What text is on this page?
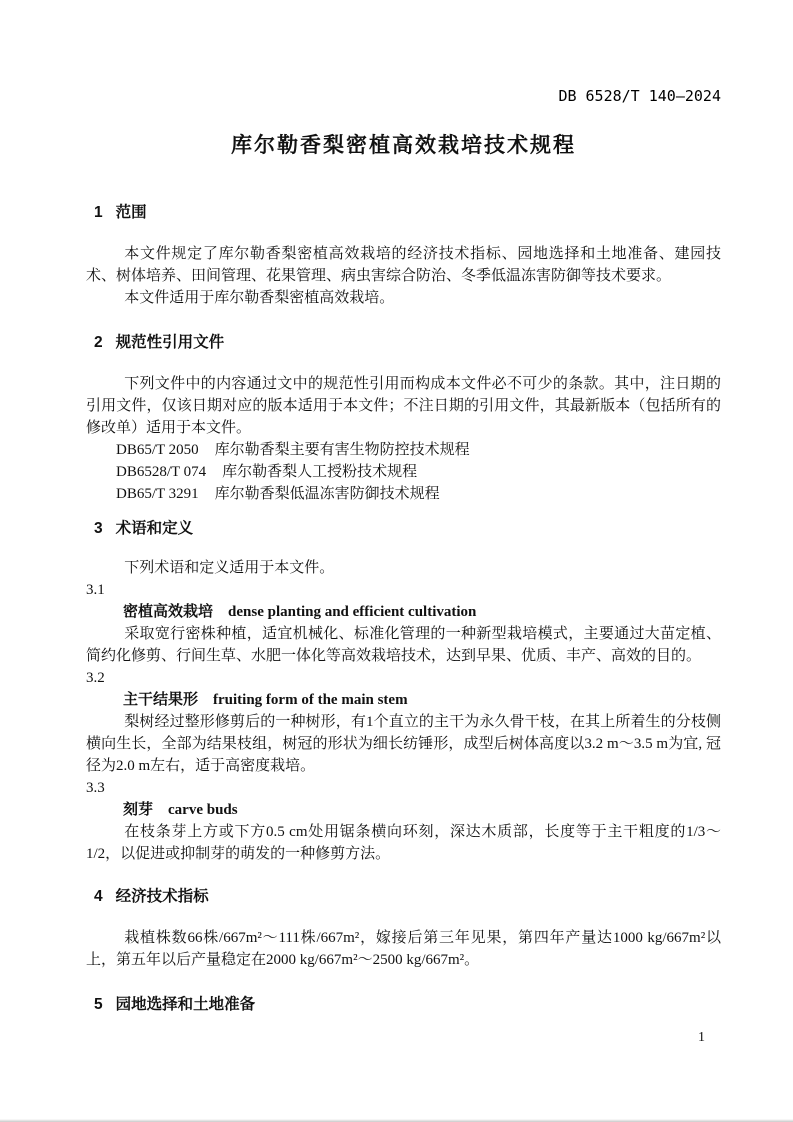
DB 6528/T 140—2024
库尔勒香梨密植高效栽培技术规程
1 范围

本文件规定了库尔勒香梨密植高效栽培的经济技术指标、园地选择和土地准备、建园技术、树体培养、田间管理、花果管理、病虫害综合防治、冬季低温冻害防御等技术要求。

本文件适用于库尔勒香梨密植高效栽培。

2 规范性引用文件

下列文件中的内容通过文中的规范性引用而构成本文件必不可少的条款。其中，注日期的引用文件，仅该日期对应的版本适用于本文件；不注日期的引用文件，其最新版本（包括所有的修改单）适用于本文件。

DB65/T 2050 库尔勒香梨主要有害生物防控技术规程
DB6528/T 074 库尔勒香梨人工授粉技术规程
DB65/T 3291 库尔勒香梨低温冻害防御技术规程
3 术语和定义

下列术语和定义适用于本文件。

3.1

密植高效栽培 dense planting and efficient cultivation

采取宽行密株种植，适宜机械化、标准化管理的一种新型栽培模式，主要通过大苗定植、简约化修剪、行间生草、水肥一体化等高效栽培技术，达到早果、优质、丰产、高效的目的。

3.2

主干结果形 fruiting form of the main stem

梨树经过整形修剪后的一种树形，有1个直立的主干为永久骨干枝，在其上所着生的分枝侧横向生长，全部为结果枝组，树冠的形状为细长纺锤形，成型后树体高度以3.2 m～3.5 m为宜, 冠径为2.0 m左右，适于高密度栽培。

3.3

刻芽 carve buds

在枝条芽上方或下方0.5 cm处用锯条横向环刻，深达木质部，长度等于主干粗度的1/3～1/2，以促进或抑制芽的萌发的一种修剪方法。

4 经济技术指标

栽植株数66株/667m²～111株/667m²，嫁接后第三年见果，第四年产量达1000 kg/667m²以上，第五年以后产量稳定在2000 kg/667m²～2500 kg/667m²。

5 园地选择和土地准备
1
